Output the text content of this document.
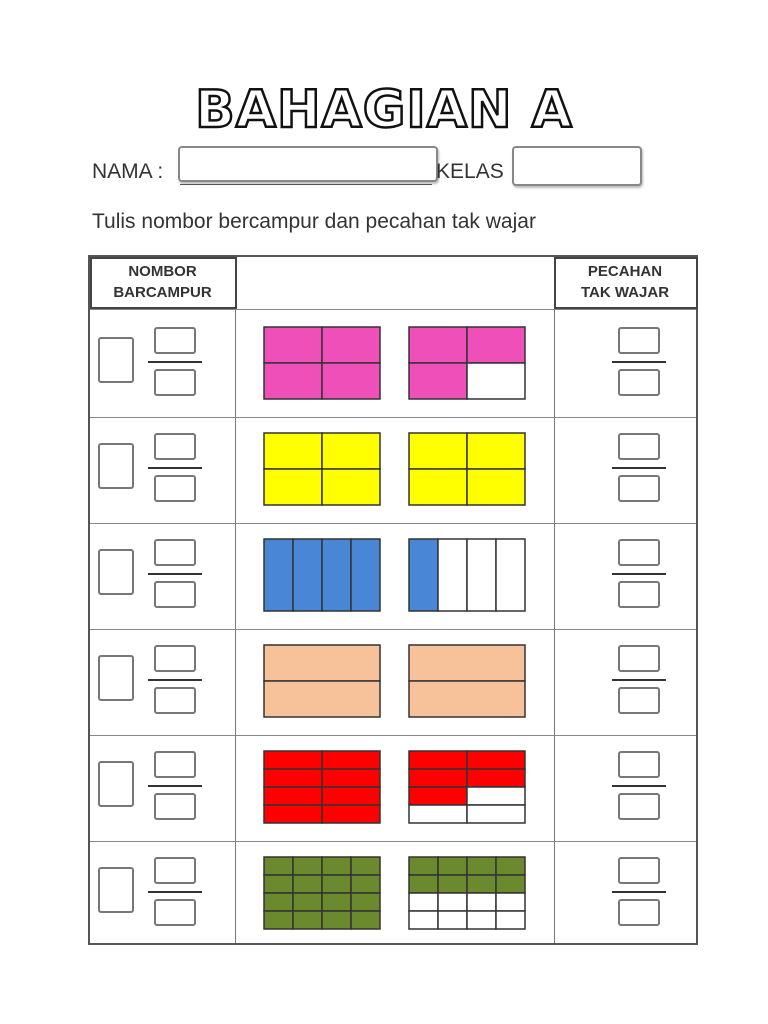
BAHAGIAN A
NAMA :	KELAS
Tulis nombor bercampur dan pecahan tak wajar
NOMBOR
BARCAMPUR
PECAHAN
TAK WAJAR
